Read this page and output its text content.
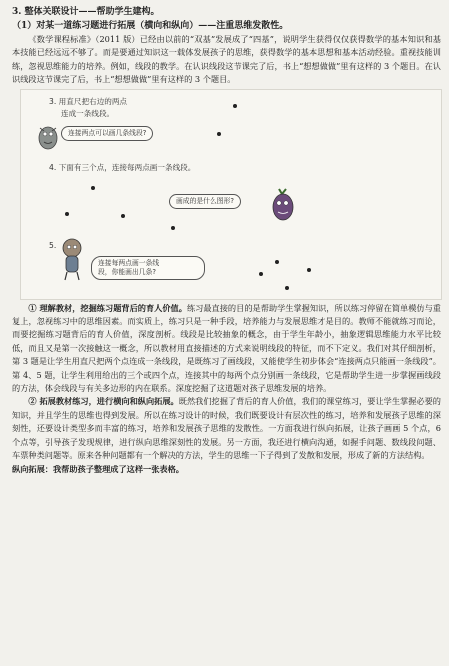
3. 整体关联设计——帮助学生建构。

（1）对某一道练习题进行拓展（横向和纵向）——注重思维发散性。

《数学课程标准》（2011 版）已经由以前的“双基”发展成了“四基”，说明学生获得仅仅获得数学的基本知识和基本技能已经远远不够了。而是要通过知识这一载体发展孩子的思维，获得数学的基本思想和基本活动经验。重视技能训练，忽视思维能力的培养。例如，线段的教学。在认识线段这节课完了后，书上“想想做做”里有这样的 3 个题目。在认识线段这节课完了后，书上“想想做做”里有这样的 3 个题目。

3. 用直尺把右边的两点
连成一条线段。
连接两点可以画几条线段?
4. 下面有三个点，连接每两点画一条线段。
画成的是什么图形?
5.
连接每两点画一条线
段，你能画出几条?

① 理解教材，挖掘练习题背后的育人价值。练习最直接的目的是帮助学生掌握知识，所以练习停留在简单模仿与重复上，忽视练习中的思维因素。而实质上，练习只是一种手段，培养能力与发展思维才是目的。教师不能就练习而论，而要挖掘练习题背后的育人价值，深度剖析。线段是比较抽象的概念，由于学生年龄小，抽象逻辑思维能力水平比较低，而且又是第一次接触这一概念，所以教材用直接描述的方式来说明线段的特征，而不下定义。我们对其仔细剖析，第 3 题是让学生用直尺把两个点连成一条线段，是既练习了画线段，又能使学生初步体会“连接两点只能画一条线段”。第 4、5 题，让学生利用给出的三个或四个点，连接其中的每两个点分别画一条线段，它是帮助学生进一步掌握画线段的方法，体会线段与有关多边形的内在联系。深度挖掘了这道题对孩子思维发展的培养。

② 拓展教材练习，进行横向和纵向拓展。既然我们挖掘了背后的育人价值，我们的课堂练习，要让学生掌握必要的知识，并且学生的思维也得到发展。所以在练习设计的时候，我们既要设计有层次性的练习，培养和发展孩子思维的深刻性，还要设计类型多而丰富的练习，培养和发展孩子思维的发散性。一方面我进行纵向拓展，让孩子画画 5 个点，6 个点等，引导孩子发现规律，进行纵向思维深刻性的发展。另一方面，我还进行横向沟通，如握手问题、数线段问题、车票种类问题等。原来各种问题都有一个解决的方法，学生的思维一下子得到了发散和发展，形成了新的方法结构。

纵向拓展：我帮助孩子整理成了这样一张表格。
